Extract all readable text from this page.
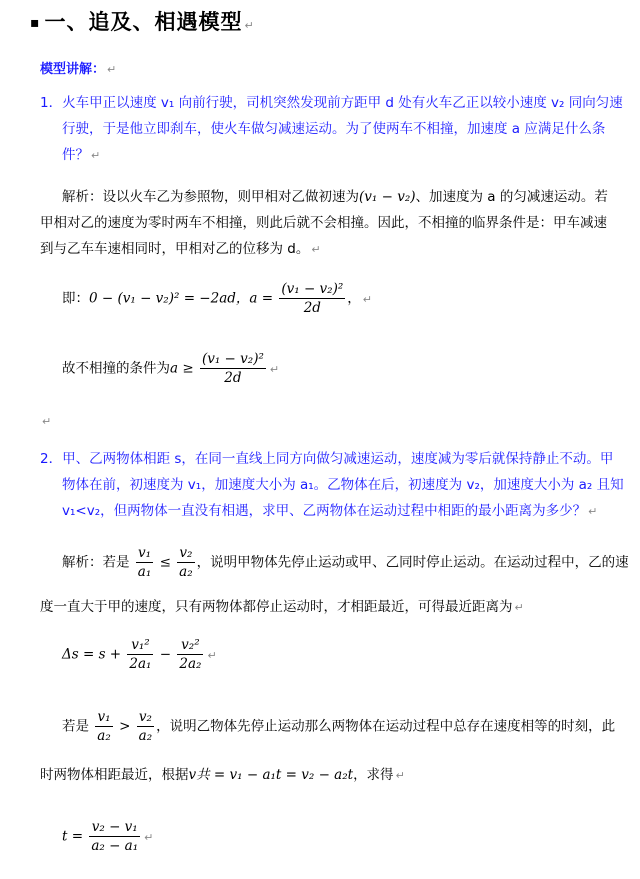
▪ 一、追及、相遇模型 ↵
模型讲解： ↵
1．火车甲正以速度 v₁ 向前行驶，司机突然发现前方距甲 d 处有火车乙正以较小速度 v₂ 同向匀速
行驶，于是他立即刹车，使火车做匀减速运动。为了使两车不相撞，加速度 a 应满足什么条
件？ ↵
解析：设以火车乙为参照物，则甲相对乙做初速为(v₁ − v₂)、加速度为 a 的匀减速运动。若
甲相对乙的速度为零时两车不相撞，则此后就不会相撞。因此，不相撞的临界条件是：甲车减速
到与乙车车速相同时，甲相对乙的位移为 d。 ↵
即：0 − (v₁ − v₂)² = −2ad，$a = \frac{\text{(v₁ − v₂)²}}{2d}$ ， ↵
故不相撞的条件为$a \ge \frac{\text{(v₁ − v₂)²}}{2d}$ ↵
↵
2．甲、乙两物体相距 s，在同一直线上同方向做匀减速运动，速度减为零后就保持静止不动。甲
物体在前，初速度为 v₁，加速度大小为 a₁。乙物体在后，初速度为 v₂，加速度大小为 a₂ 且知
v₁<v₂，但两物体一直没有相遇，求甲、乙两物体在运动过程中相距的最小距离为多少？ ↵
解析：若是 $\frac{\text{v₁}}{\text{a₁}} \le \frac{\text{v₂}}{\text{a₂}}$ ，说明甲物体先停止运动或甲、乙同时停止运动。在运动过程中，乙的速
度一直大于甲的速度，只有两物体都停止运动时，才相距最近，可得最近距离为 ↵
$\Delta s = s + \frac{\text{v₁²}}{\text{2a₁}} - \frac{\text{v₂²}}{\text{2a₂}}$ ↵
若是 $\frac{\text{v₁}}{\text{a₂}} > \frac{\text{v₂}}{\text{a₂}}$ ，说明乙物体先停止运动那么两物体在运动过程中总存在速度相等的时刻，此
时两物体相距最近，根据v共 = v₁ − a₁t = v₂ − a₂t，求得 ↵
$t = \frac{\text{v₂ − v₁}}{\text{a₂ − a₁}}$ ↵
